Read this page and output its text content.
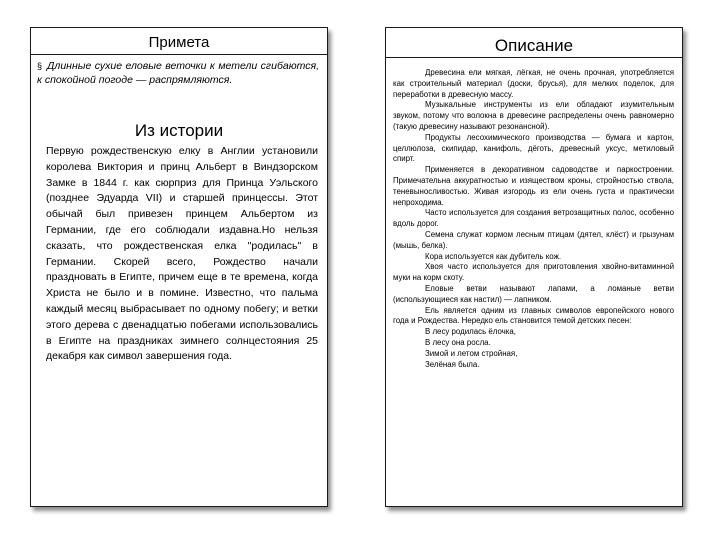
Примета
§ Длинные сухие еловые веточки к метели сгибаются, к спокойной погоде — распрямляются.
Из истории
Первую рождественскую елку в Англии установили королева Виктория и принц Альберт в Виндзорском Замке в 1844 г. как сюрприз для Принца Уэльского (позднее Эдуарда VII) и старшей принцессы. Этот обычай был привезен принцем Альбертом из Германии, где его соблюдали издавна.Но нельзя сказать, что рождественская елка "родилась" в Германии. Скорей всего, Рождество начали праздновать в Египте, причем еще в те времена, когда Христа не было и в помине. Известно, что пальма каждый месяц выбрасывает по одному побегу; и ветки этого дерева с двенадцатью побегами использовались в Египте на праздниках зимнего солнцестояния 25 декабря как символ завершения года.
Описание

Древесина ели мягкая, лёгкая, не очень прочная, употребляется как строительный материал (доски, брусья), для мелких поделок, для переработки в древесную массу.

Музыкальные инструменты из ели обладают изумительным звуком, потому что волокна в древесине распределены очень равномерно (такую древесину называют резонансной).

Продукты лесохимического производства — бумага и картон, целлюлоза, скипидар, канифоль, дёготь, древесный уксус, метиловый спирт.

Применяется в декоративном садоводстве и паркостроении. Примечательна аккуратностью и изяществом кроны, стройностью ствола, теневыносливостью. Живая изгородь из ели очень густа и практически непроходима.

Часто используется для создания ветрозащитных полос, особенно вдоль дорог.

Семена служат кормом лесным птицам (дятел, клёст) и грызунам (мышь, белка).

Кора используется как дубитель кож.

Хвоя часто используется для приготовления хвойно-витаминной муки на корм скоту.

Еловые ветви называют лапами, а ломаные ветви (использующиеся как настил) — лапником.

Ель является одним из главных символов европейского нового года и Рождества. Нередко ель становится темой детских песен:

В лесу родилась ёлочка,

В лесу она росла.

Зимой и летом стройная,

Зелёная была.
